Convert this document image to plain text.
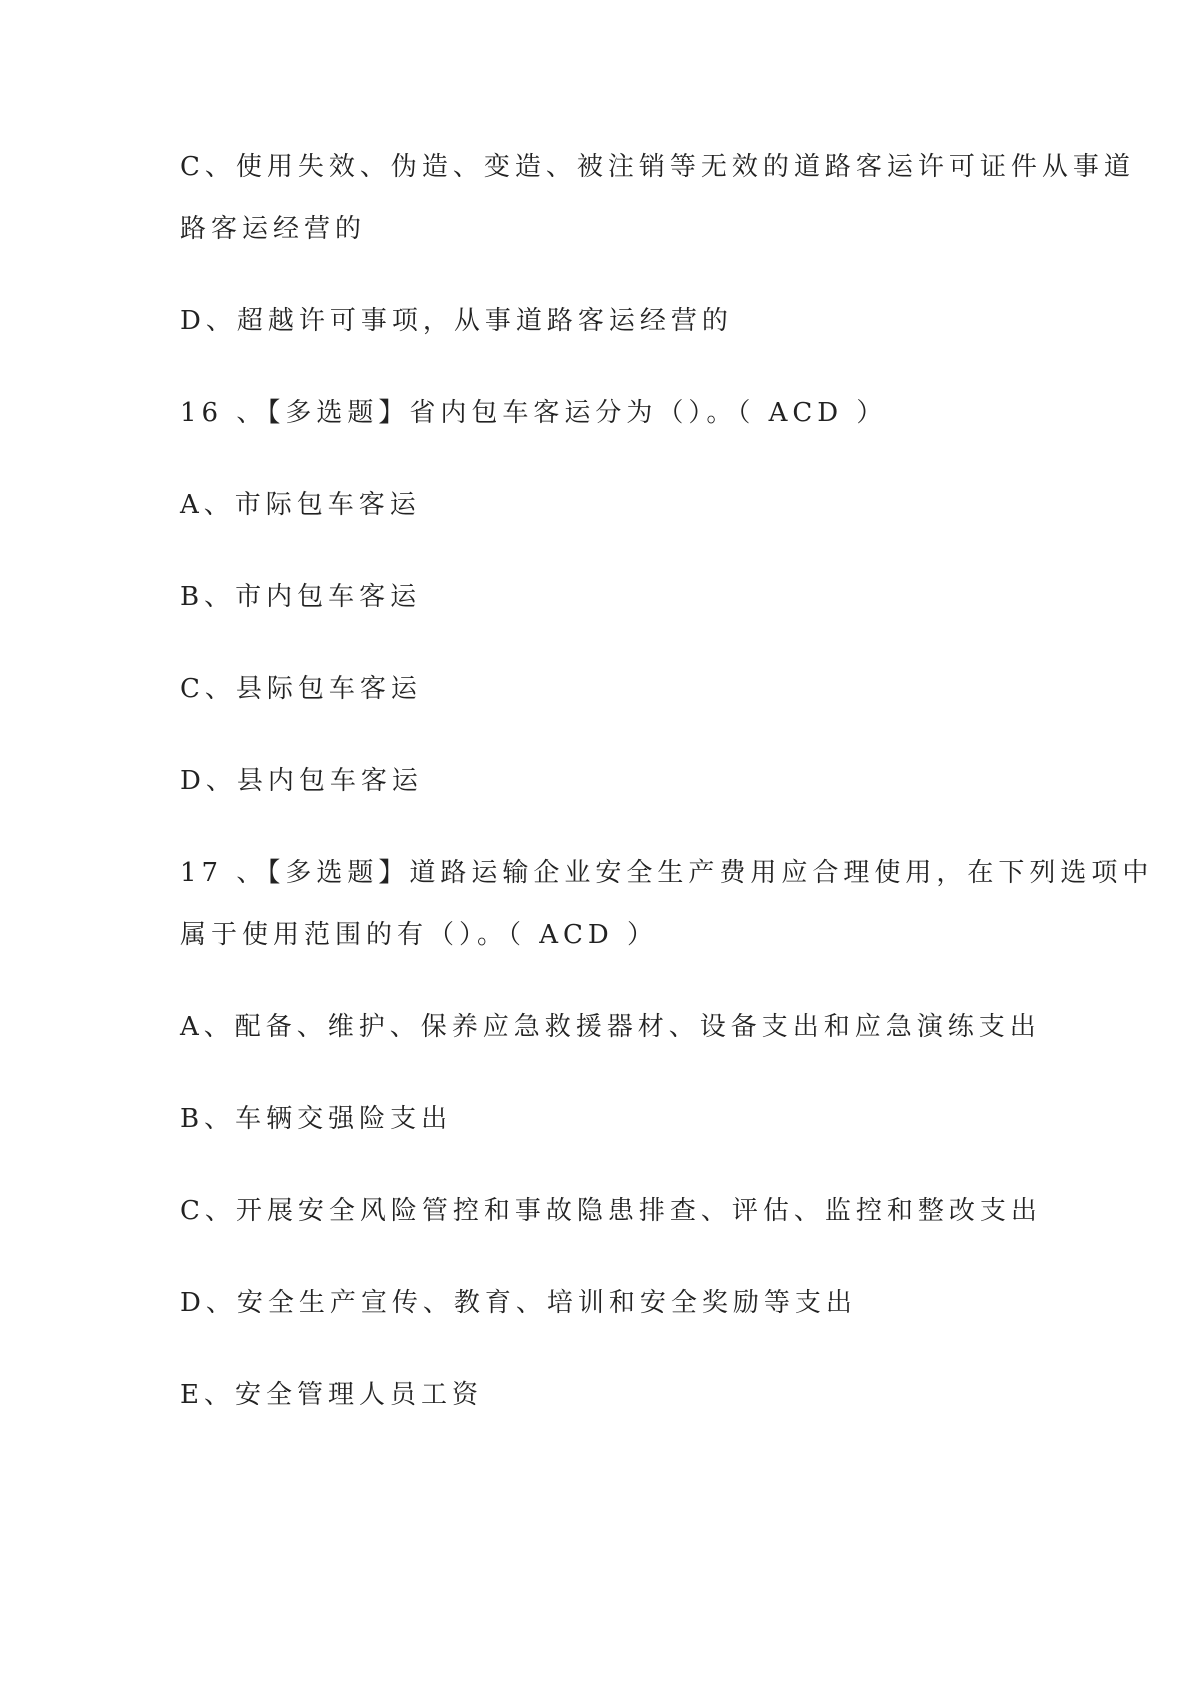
C、使用失效、伪造、变造、被注销等无效的道路客运许可证件从事道
路客运经营的
D、超越许可事项，从事道路客运经营的
16 、【多选题】省内包车客运分为（）。（ ACD ）
A、市际包车客运
B、市内包车客运
C、县际包车客运
D、县内包车客运
17 、【多选题】道路运输企业安全生产费用应合理使用，在下列选项中
属于使用范围的有（）。（ ACD ）
A、配备、维护、保养应急救援器材、设备支出和应急演练支出
B、车辆交强险支出
C、开展安全风险管控和事故隐患排查、评估、监控和整改支出
D、安全生产宣传、教育、培训和安全奖励等支出
E、安全管理人员工资
